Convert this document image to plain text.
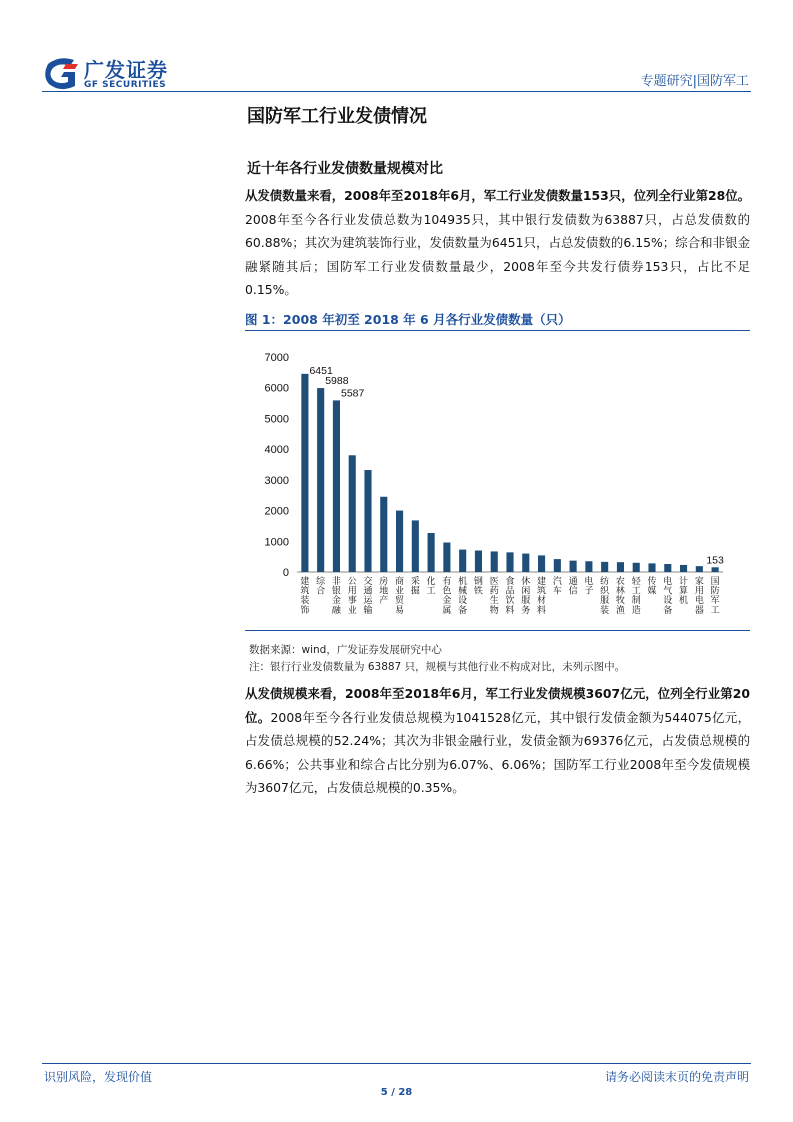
广发证券
GF SECURITIES	专题研究|国防军工
国防军工行业发债情况
近十年各行业发债数量规模对比
从发债数量来看，2008年至2018年6月，军工行业发债数量153只，位列全行业第28位。2008年至今各行业发债总数为104935只，其中银行发债数为63887只，占总发债数的60.88%；其次为建筑装饰行业，发债数量为6451只，占总发债数的6.15%；综合和非银金融紧随其后；国防军工行业发债数量最少，2008年至今共发行债券153只，占比不足0.15%。
图 1：2008 年初至 2018 年 6 月各行业发债数量（只）
0
1000
2000
3000
4000
5000
6000
7000
建
筑
装
饰
6451
综
合
5988
非
银
金
融
5587
公
用
事
业
交
通
运
输
房
地
产
商
业
贸
易
采
掘
化
工
有
色
金
属
机
械
设
备
钢
铁
医
药
生
物
食
品
饮
料
休
闲
服
务
建
筑
材
料
汽
车
通
信
电
子
纺
织
服
装
农
林
牧
渔
轻
工
制
造
传
媒
电
气
设
备
计
算
机
家
用
电
器
国
防
军
工
153
数据来源：wind，广发证券发展研究中心
注：银行行业发债数量为 63887 只，规模与其他行业不构成对比，未列示图中。
从发债规模来看，2008年至2018年6月，军工行业发债规模3607亿元，位列全行业第20位。2008年至今各行业发债总规模为1041528亿元，其中银行发债金额为544075亿元，占发债总规模的52.24%；其次为非银金融行业，发债金额为69376亿元，占发债总规模的6.66%；公共事业和综合占比分别为6.07%、6.06%；国防军工行业2008年至今发债规模为3607亿元，占发债总规模的0.35%。
识别风险，发现价值	请务必阅读末页的免责声明
5 / 28
